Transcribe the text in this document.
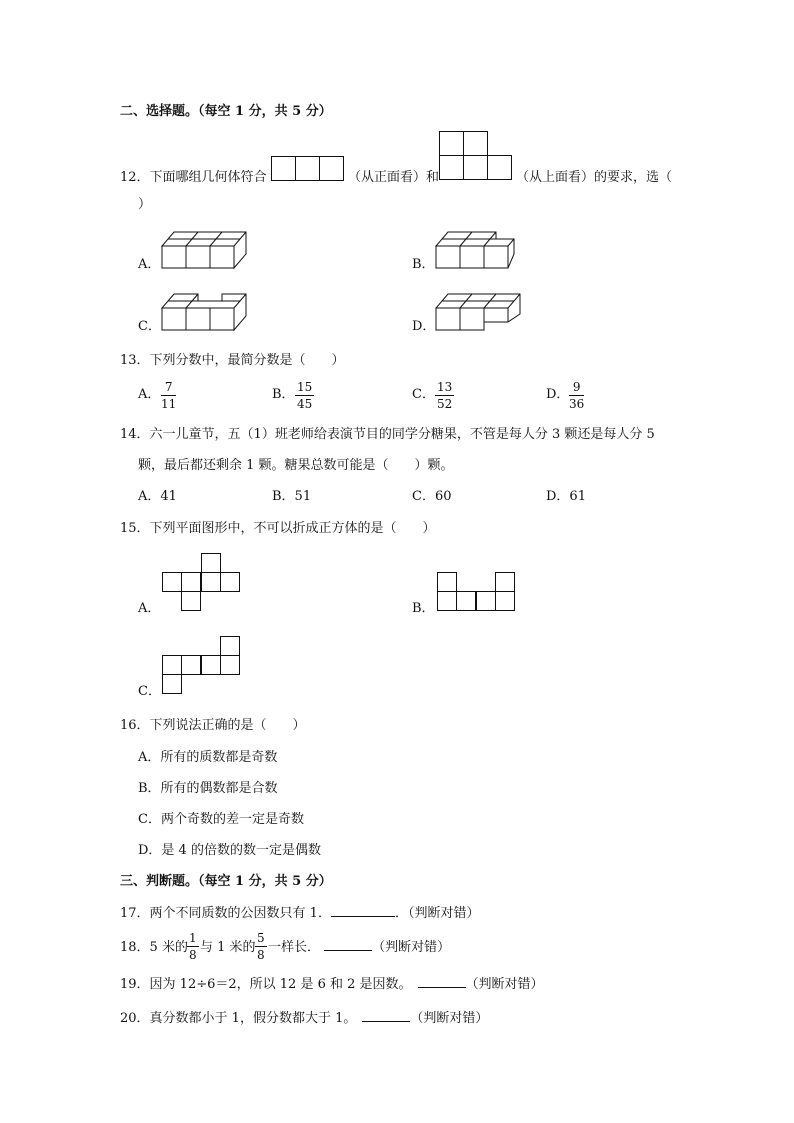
二、选择题。（每空 1 分，共 5 分）
12．下面哪组几何体符合	（从正面看）和	（从上面看）的要求，选（
）
A．	B．
C．	D．
13．下列分数中，最简分数是（　　）
A． $\frac{7}{11}$	B． $\frac{15}{45}$	C． $\frac{13}{52}$	D． $\frac{9}{36}$
14．六一儿童节，五（1）班老师给表演节目的同学分糖果，不管是每人分 3 颗还是每人分 5
颗，最后都还剩余 1 颗。糖果总数可能是（　　）颗。
A．41	B．51	C．60	D．61
15．下列平面图形中，不可以折成正方体的是（　　）
A．	B．
C．
16．下列说法正确的是（　　）
A．所有的质数都是奇数
B．所有的偶数都是合数
C．两个奇数的差一定是奇数
D．是 4 的倍数的数一定是偶数
三、判断题。（每空 1 分，共 5 分）
17．两个不同质数的公因数只有 1．	．（判断对错）
18．5 米的 $\frac{1}{8}$ 与 1 米的 $\frac{5}{8}$ 一样长．	（判断对错）
19．因为 12÷6＝2，所以 12 是 6 和 2 是因数。	（判断对错）
20．真分数都小于 1，假分数都大于 1。	（判断对错）
